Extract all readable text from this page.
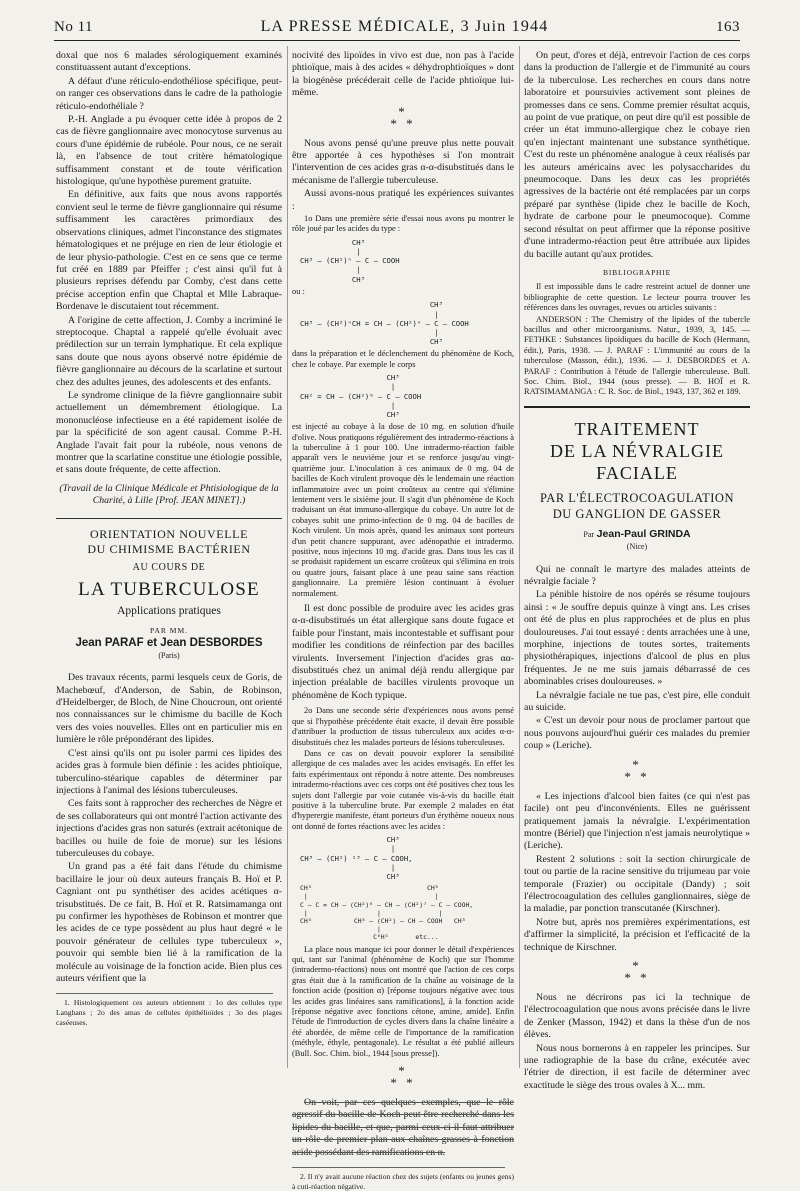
No 11	LA PRESSE MÉDICALE, 3 Juin 1944	163

doxal que nos 6 malades sérologiquement examinés constituassent autant d'exceptions.

A défaut d'une réticulo-endothéliose spécifique, peut-on ranger ces observations dans le cadre de la pathologie réticulo-endothéliale ?

P.-H. Anglade a pu évoquer cette idée à propos de 2 cas de fièvre ganglionnaire avec monocytose survenus au cours d'une épidémie de rubéole. Pour nous, ce ne serait là, en l'absence de tout critère hématologique suffisamment constant et de toute vérification histologique, qu'une hypothèse purement gratuite.

En définitive, aux faits que nous avons rapportés convient seul le terme de fièvre ganglionnaire qui résume suffisamment les caractères primordiaux des observations cliniques, admet l'inconstance des stigmates hématologiques et ne préjuge en rien de leur étiologie et de leur physio-pathologie. C'est en ce sens que ce terme fut créé en 1889 par Pfeiffer ; c'est ainsi qu'il fut à plusieurs reprises défendu par Comby, c'est dans cette précise acception enfin que Chaptal et Mlle Labraque-Bordenave le discutaient tout récemment.

A l'origine de cette affection, J. Comby a incriminé le streptocoque. Chaptal a rappelé qu'elle évoluait avec prédilection sur un terrain lymphatique. Et cela explique sans doute que nous ayons observé notre épidémie de fièvre ganglionnaire au décours de la scarlatine et surtout chez des adultes jeunes, des adolescents et des enfants.

Le syndrome clinique de la fièvre ganglionnaire subit actuellement un démembrement étiologique. La mononucléose infectieuse en a été rapidement isolée de par la spécificité de son agent causal. Comme P.-H. Anglade l'avait fait pour la rubéole, nous venons de montrer que la scarlatine constitue une étiologie possible, et sans doute fréquente, de cette affection.

(Travail de la Clinique Médicale et Phtisiologique de la Charité, à Lille [Prof. JEAN MINET].)

ORIENTATION NOUVELLE
DU CHIMISME BACTÉRIEN
AU COURS DE
LA TUBERCULOSE
Applications pratiques
PAR MM.
Jean PARAF et Jean DESBORDES
(Paris)

Des travaux récents, parmi lesquels ceux de Goris, de Machebœuf, d'Anderson, de Sabin, de Robinson, d'Heidelberger, de Bloch, de Nine Choucroun, ont orienté nos connaissances sur le chimisme du bacille de Koch vers des voies nouvelles. Elles ont en particulier mis en lumière le rôle prépondérant des lipides.

C'est ainsi qu'ils ont pu isoler parmi ces lipides des acides gras à formule bien définie : les acides phtioïque, tuberculino-stéarique capables de déterminer par injections à l'animal des lésions tuberculeuses.

Ces faits sont à rapprocher des recherches de Nègre et de ses collaborateurs qui ont montré l'action activante des injections d'acides gras non saturés (extrait acétonique de bacilles ou huile de foie de morue) sur les lésions tuberculeuses du cobaye.

Un grand pas a été fait dans l'étude du chimisme bacillaire le jour où deux auteurs français B. Hoï et P. Cagniant ont pu synthétiser des acides acétiques α-trisubstitués. De ce fait, B. Hoï et R. Ratsimamanga ont pu confirmer les hypothèses de Robinson et montrer que les acides de ce type possèdent au plus haut degré « le pouvoir générateur de cellules type tuberculeux », pouvoir qui semble bien lié à la ramification de la molécule au voisinage de la fonction acide. Bien plus ces auteurs vérifient que la

1. Histologiquement ces auteurs obtiennent : 1o des cellules type Langhans ; 2o des amas de cellules épithélioïdes ; 3o des plages caséeuses.

nocivité des lipoïdes in vivo est due, non pas à l'acide phtioïque, mais à des acides « déhydrophtioïques » dont la biogénèse précéderait celle de l'acide phtioïque lui-même.

*
* *

Nous avons pensé qu'une preuve plus nette pouvait être apportée à ces hypothèses si l'on montrait l'intervention de ces acides gras α-α-disubstitués dans le mécanisme de l'allergie tuberculeuse.

Aussi avons-nous pratiqué les expériences suivantes :

1o Dans une première série d'essai nous avons pu montrer le rôle joué par les acides du type :

CH³
|
CH³ — (CH²)ⁿ — C — COOH
|
CH³

ou :

CH³
|
CH³ — (CH²)ⁿCH = CH — (CH²)ⁿ — C — COOH
|
CH³

dans la préparation et le déclenchement du phénomène de Koch, chez le cobaye. Par exemple le corps

CH³
|
CH² = CH — (CH²)⁹ — C — COOH
|
CH³

est injecté au cobaye à la dose de 10 mg. en solution d'huile d'olive. Nous pratiquons régulièrement des intradermo-réactions à la tuberculine à 1 pour 100. Une intradermo-réaction faible apparaît vers le neuvième jour et se renforce jusqu'au vingt-quatrième jour. L'inoculation à ces animaux de 0 mg. 04 de bacilles de Koch virulent provoque dès le lendemain une réaction inflammatoire avec un point croûteux au centre qui s'élimine lentement vers le sixième jour. Il s'agit d'un phénomène de Koch traduisant un état immuno-allergique du cobaye. Un autre lot de cobayes subit une primo-infection de 0 mg. 04 de bacilles de Koch virulent. Un mois après, quand les animaux sont porteurs d'un petit chancre suppurant, avec adénopathie et intradermo. positive, nous injectons 10 mg. d'acide gras. Dans tous les cas il se produisit rapidement un escarre croûteux qui s'élimina en trois ou quatre jours, faisant place à une peau saine sans réaction ganglionnaire. La première lésion continuant à évoluer normalement.

Il est donc possible de produire avec les acides gras α-α-disubstitués un état allergique sans doute fugace et faible pour l'instant, mais incontestable et suffisant pour modifier les conditions de réinfection par des bacilles virulents. Inversement l'injection d'acides gras αα-disubstitués chez un animal déjà rendu allergique par injection préalable de bacilles virulents provoque un phénomène de Koch typique.

2o Dans une seconde série d'expériences nous avons pensé que si l'hypothèse précédente était exacte, il devait être possible d'attribuer la production de tissus tuberculeux aux acides α-α-disubstitués chez les malades porteurs de lésions tuberculeuses.

Dans ce cas on devait pouvoir explorer la sensibilité allergique de ces malades avec les acides envisagés. En effet les faits expérimentaux ont répondu à notre attente. Des nombreuses intradermo-réactions avec ces corps ont été positives chez tous les sujets dont l'allergie par voie cutanée vis-à-vis du bacille était positive à la tuberculine brute. Par exemple 2 malades en état d'hyperergie manifeste, étant porteurs d'un érythème noueux nous ont donné de fortes réactions avec les acides :

CH³
|
CH³ — (CH²) ¹³ — C — COOH,
|
CH³
CH³                              CH³
|                                 |
C — C = CH — (CH²)⁶ — CH — (CH²)⁷ — C — COOH,
|                  |               |
CH³           CH³ — (CH²) — CH — COOH   CH³
|
C⁶H⁵       etc...

La place nous manque ici pour donner le détail d'expériences qui, tant sur l'animal (phénomène de Koch) que sur l'homme (intradermo-réactions) nous ont montré que l'action de ces corps gras était due à la ramification de la chaîne au voisinage de la fonction acide (position α) [réponse toujours négative avec tous les acides gras linéaires sans ramifications], à la fonction acide [réponse négative avec fonctions cétone, amine, amide]. Enfin l'étude de l'introduction de cycles divers dans la chaîne linéaire a été abordée, de même celle de l'importance de la ramification (méthyle, éthyle, pentagonale). Le résultat a été publié ailleurs (Bull. Soc. Chim. biol., 1944 [sous presse]).

*
* *

On voit, par ces quelques exemples, que le rôle agressif du bacille de Koch peut être recherché dans les lipides du bacille, et que, parmi ceux-ci il faut attribuer un rôle de premier plan aux chaînes grasses à fonction acide possédant des ramifications en α.

2. Il n'y avait aucune réaction chez des sujets (enfants ou jeunes gens) à cuti-réaction négative.

On peut, d'ores et déjà, entrevoir l'action de ces corps dans la production de l'allergie et de l'immunité au cours de la tuberculose. Les recherches en cours dans notre laboratoire et poursuivies activement sont pleines de promesses dans ce sens. Comme premier résultat acquis, au point de vue pratique, on peut dire qu'il est possible de créer un état immuno-allergique chez le cobaye rien qu'en injectant maintenant une substance synthétique. C'est du reste un phénomène analogue à ceux réalisés par les auteurs américains avec les polysaccharides du pneumocoque. Dans les deux cas les propriétés agressives de la bactérie ont été remplacées par un corps préparé par synthèse (lipide chez le bacille de Koch, hydrate de carbone pour le pneumocoque). Comme second résultat on peut affirmer que la réponse positive d'une intradermo-réaction peut être attribuée aux lipides du bacille autant qu'aux protides.

BIBLIOGRAPHIE

Il est impossible dans le cadre restreint actuel de donner une bibliographie de cette question. Le lecteur pourra trouver les références dans les ouvrages, revues ou articles suivants :

ANDERSON : The Chemistry of the lipides of the tubercle bacillus and other microorganisms. Natur., 1939, 3, 145. — FETHKE : Substances lipoïdiques du bacille de Koch (Hermann, édit.), Paris, 1938. — J. PARAF : L'immunité au cours de la tuberculose (Masson, édit.), 1936. — J. DESBORDES et A. PARAF : Contribution à l'étude de l'allergie tuberculeuse. Bull. Soc. Chim. Biol., 1944 (sous presse). — B. HOÏ et R. RATSIMAMANGA : C. R. Soc. de Biol., 1943, 137, 362 et 189.

TRAITEMENT
DE LA NÉVRALGIE FACIALE
PAR L'ÉLECTROCOAGULATION
DU GANGLION DE GASSER
Par Jean-Paul GRINDA
(Nice)

Qui ne connaît le martyre des malades atteints de névralgie faciale ?

La pénible histoire de nos opérés se résume toujours ainsi : « Je souffre depuis quinze à vingt ans. Les crises ont été de plus en plus rapprochées et de plus en plus douloureuses. J'ai tout essayé : dents arrachées une à une, morphine, injections de toutes sortes, traitements physiothérapiques, injections d'alcool de plus en plus fréquentes. Je ne me suis jamais débarrassé de ces abominables crises douloureuses. »

La névralgie faciale ne tue pas, c'est pire, elle conduit au suicide.

« C'est un devoir pour nous de proclamer partout que nous pouvons aujourd'hui guérir ces malades du premier coup » (Leriche).

*
* *

« Les injections d'alcool bien faites (ce qui n'est pas facile) ont peu d'inconvénients. Elles ne guérissent pratiquement jamais la névralgie. L'expérimentation montre (Bériel) que l'injection n'est jamais neurolytique » (Leriche).

Restent 2 solutions : soit la section chirurgicale de tout ou partie de la racine sensitive du trijumeau par voie temporale (Frazier) ou occipitale (Dandy) ; soit l'électrocoagulation des cellules ganglionnaires, siège de la maladie, par ponction transcutanée (Kirschner).

Notre but, après nos premières expérimentations, est d'affirmer la simplicité, la précision et l'efficacité de la technique de Kirschner.

*
* *

Nous ne décrirons pas ici la technique de l'électrocoagulation que nous avons précisée dans le livre de Zenker (Masson, 1942) et dans la thèse d'un de nos élèves.

Nous nous bornerons à en rappeler les principes. Sur une radiographie de la base du crâne, exécutée avec l'étrier de direction, il est facile de déterminer avec exactitude le siège des trous ovales à X... mm.
